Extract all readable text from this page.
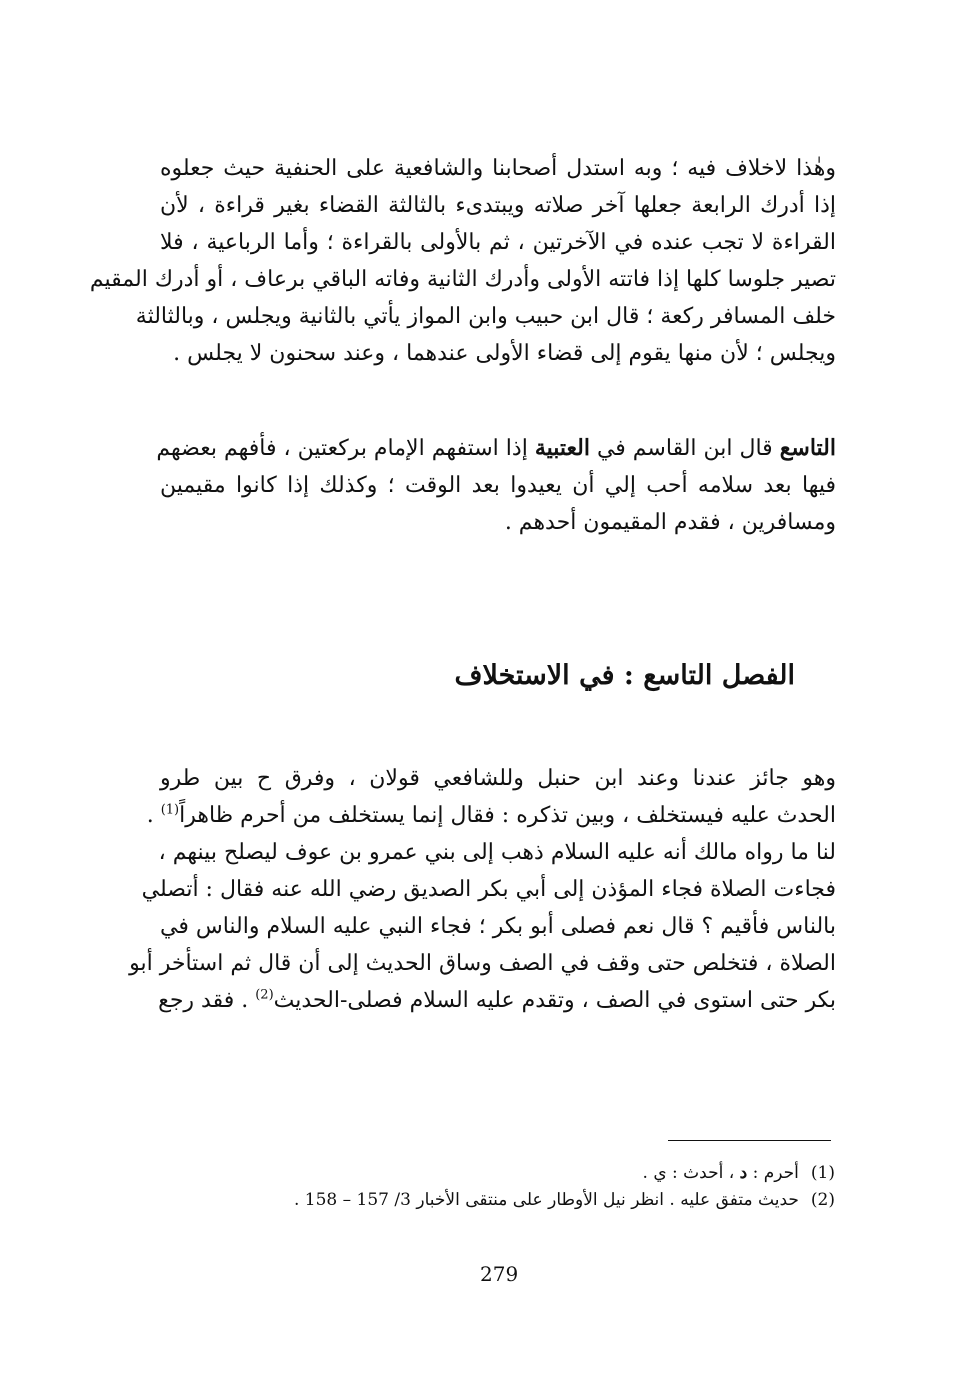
وهٰذا لاخلاف فيه ؛ وبه استدل أصحابنا والشافعية على الحنفية حيث جعلوه
إذا أدرك الرابعة جعلها آخر صلاته ويبتدىء بالثالثة القضاء بغير قراءة ، لأن
القراءة لا تجب عنده في الآخرتين ، ثم بالأولى بالقراءة ؛ وأما الرباعية ، فلا
تصير جلوسا كلها إذا فاتته الأولى وأدرك الثانية وفاته الباقي برعاف ، أو أدرك المقيم
خلف المسافر ركعة ؛ قال ابن حبيب وابن المواز يأتي بالثانية ويجلس ، وبالثالثة
ويجلس ؛ لأن منها يقوم إلى قضاء الأولى عندهما ، وعند سحنون لا يجلس .
التاسع قال ابن القاسم في العتبية إذا استفهم الإمام بركعتين ، فأفهم بعضهم
فيها بعد سلامه أحب إلي أن يعيدوا بعد الوقت ؛ وكذلك إذا كانوا مقيمين
ومسافرين ، فقدم المقيمون أحدهم .
الفصل التاسع : في الاستخلاف
وهو جائز عندنا وعند ابن حنبل وللشافعي قولان ، وفرق ح بين طرو
الحدث عليه فيستخلف ، وبين تذكره : فقال إنما يستخلف من أحرم ظاهراً$^{(1)}$ .
لنا ما رواه مالك أنه عليه السلام ذهب إلى بني عمرو بن عوف ليصلح بينهم ،
فجاءت الصلاة فجاء المؤذن إلى أبي بكر الصديق رضي الله عنه فقال : أتصلي
بالناس فأقيم ؟ قال نعم فصلى أبو بكر ؛ فجاء النبي عليه السلام والناس في
الصلاة ، فتخلص حتى وقف في الصف وساق الحديث إلى أن قال ثم استأخر أبو
بكر حتى استوى في الصف ، وتقدم عليه السلام فصلى-الحديث$^{(2)}$ . فقد رجع
(1)أحرم : د ، أحدث : ي .
(2)حديث متفق عليه . انظر نيل الأوطار على منتقى الأخبار 3/ 157 – 158 .
279
